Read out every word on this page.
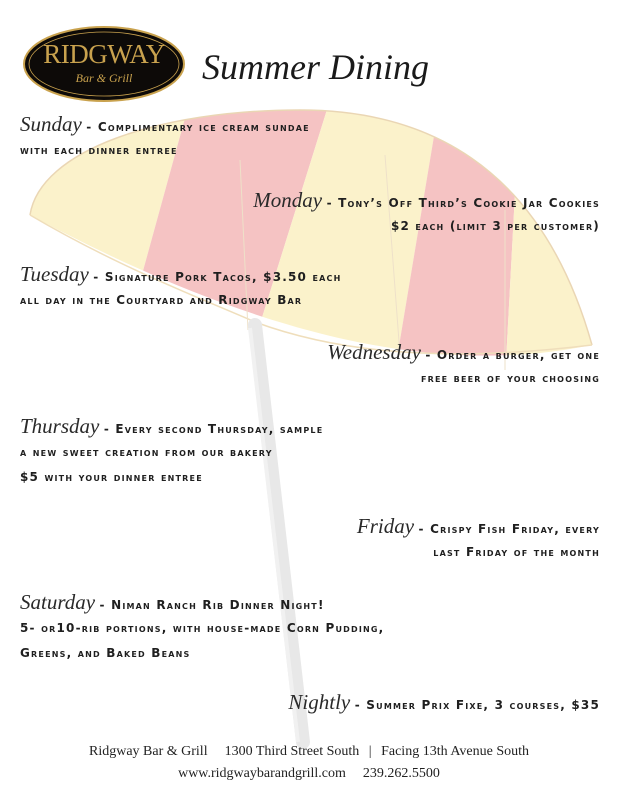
RIDGWAY
Bar & Grill	Summer Dining
Sunday - Complimentary ice cream sundae
with each dinner entree
Monday - Tony’s Off Third’s Cookie Jar Cookies
$2 each (limit 3 per customer)
Tuesday - Signature Pork Tacos, $3.50 each
all day in the Courtyard and Ridgway Bar
Wednesday - Order a burger, get one
free beer of your choosing
Thursday - Every second Thursday, sample
a new sweet creation from our bakery
$5 with your dinner entree
Friday - Crispy Fish Friday, every
last Friday of the month
Saturday - Niman Ranch Rib Dinner Night!
5- or10-rib portions, with house-made Corn Pudding,
Greens, and Baked Beans
Nightly - Summer Prix Fixe, 3 courses, $35
Ridgway Bar & Grill 1300 Third Street South | Facing 13th Avenue South
www.ridgwaybarandgrill.com 239.262.5500
